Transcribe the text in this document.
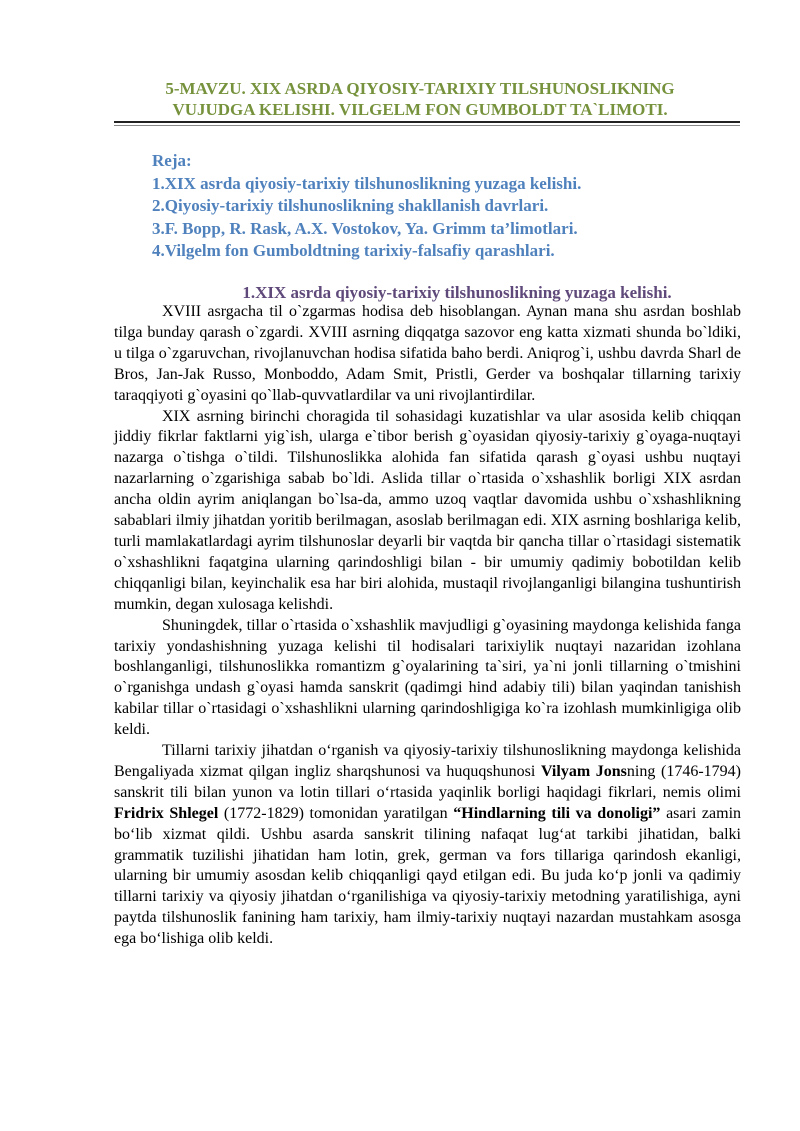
5-MAVZU. XIX ASRDA QIYOSIY-TARIXIY TILSHUNOSLIKNING
VUJUDGA KELISHI. VILGELM FON GUMBOLDT TA`LIMOTI.
Reja:
1.XIX asrda qiyosiy-tarixiy tilshunoslikning yuzaga kelishi.
2.Qiyosiy-tarixiy tilshunoslikning shakllanish davrlari.
3.F. Bopp, R. Rask, A.X. Vostokov, Ya. Grimm ta’limotlari.
4.Vilgelm fon Gumboldtning tarixiy-falsafiy qarashlari.
1.XIX asrda qiyosiy-tarixiy tilshunoslikning yuzaga kelishi.

XVIII asrgacha til o`zgarmas hodisa deb hisoblangan. Aynan mana shu asrdan boshlab tilga bunday qarash o`zgardi. XVIII asrning diqqatga sazovor eng katta xizmati shunda bo`ldiki, u tilga o`zgaruvchan, rivojlanuvchan hodisa sifatida baho berdi. Aniqrog`i, ushbu davrda Sharl de Bros, Jan-Jak Russo, Monboddo, Adam Smit, Pristli, Gerder va boshqalar tillarning tarixiy taraqqiyoti g`oyasini qo`llab-quvvatlardilar va uni rivojlantirdilar.

XIX asrning birinchi choragida til sohasidagi kuzatishlar va ular asosida kelib chiqqan jiddiy fikrlar faktlarni yig`ish, ularga e`tibor berish g`oyasidan qiyosiy-tarixiy g`oyaga-nuqtayi nazarga o`tishga o`tildi. Tilshunoslikka alohida fan sifatida qarash g`oyasi ushbu nuqtayi nazarlarning o`zgarishiga sabab bo`ldi. Aslida tillar o`rtasida o`xshashlik borligi XIX asrdan ancha oldin ayrim aniqlangan bo`lsa-da, ammo uzoq vaqtlar davomida ushbu o`xshashlikning sabablari ilmiy jihatdan yoritib berilmagan, asoslab berilmagan edi. XIX asrning boshlariga kelib, turli mamlakatlardagi ayrim tilshunoslar deyarli bir vaqtda bir qancha tillar o`rtasidagi sistematik o`xshashlikni faqatgina ularning qarindoshligi bilan - bir umumiy qadimiy bobotildan kelib chiqqanligi bilan, keyinchalik esa har biri alohida, mustaqil rivojlanganligi bilangina tushuntirish mumkin, degan xulosaga kelishdi.

Shuningdek, tillar o`rtasida o`xshashlik mavjudligi g`oyasining maydonga kelishida fanga tarixiy yondashishning yuzaga kelishi til hodisalari tarixiylik nuqtayi nazaridan izohlana boshlanganligi, tilshunoslikka romantizm g`oyalarining ta`siri, ya`ni jonli tillarning o`tmishini o`rganishga undash g`oyasi hamda sanskrit (qadimgi hind adabiy tili) bilan yaqindan tanishish kabilar tillar o`rtasidagi o`xshashlikni ularning qarindoshligiga ko`ra izohlash mumkinligiga olib keldi.

Tillarni tarixiy jihatdan o‘rganish va qiyosiy-tarixiy tilshunoslikning maydonga kelishida Bengaliyada xizmat qilgan ingliz sharqshunosi va huquqshunosi Vilyam Jonsning (1746-1794) sanskrit tili bilan yunon va lotin tillari o‘rtasida yaqinlik borligi haqidagi fikrlari, nemis olimi Fridrix Shlegel (1772-1829) tomonidan yaratilgan “Hindlarning tili va donoligi” asari zamin bo‘lib xizmat qildi. Ushbu asarda sanskrit tilining nafaqat lug‘at tarkibi jihatidan, balki grammatik tuzilishi jihatidan ham lotin, grek, german va fors tillariga qarindosh ekanligi, ularning bir umumiy asosdan kelib chiqqanligi qayd etilgan edi. Bu juda ko‘p jonli va qadimiy tillarni tarixiy va qiyosiy jihatdan o‘rganilishiga va qiyosiy-tarixiy metodning yaratilishiga, ayni paytda tilshunoslik fanining ham tarixiy, ham ilmiy-tarixiy nuqtayi nazardan mustahkam asosga ega bo‘lishiga olib keldi.
